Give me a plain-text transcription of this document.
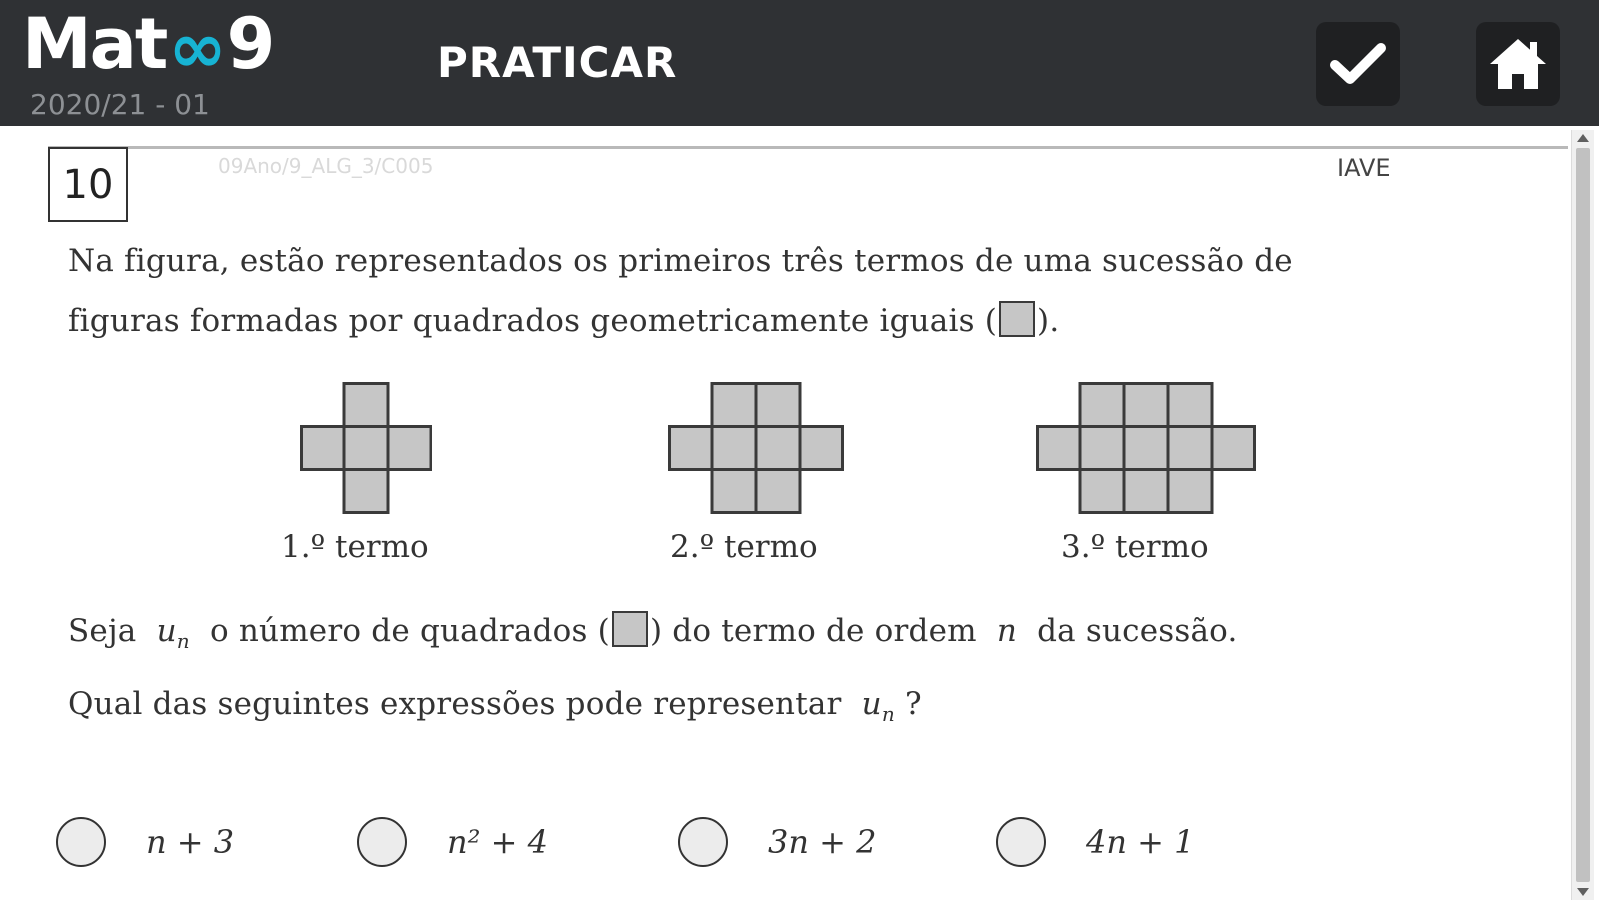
Mat ∞ 9
2020/21 - 01
PRATICAR
10	09Ano/9_ALG_3/C005	IAVE
Na figura, estão representados os primeiros três termos de uma sucessão de
figuras formadas por quadrados geometricamente iguais ( ).
1.º termo	2.º termo	3.º termo
Seja $u_n$ o número de quadrados ( ) do termo de ordem n da sucessão.
Qual das seguintes expressões pode representar $u_n$ ?
n + 3	n² + 4	3n + 2	4n + 1
